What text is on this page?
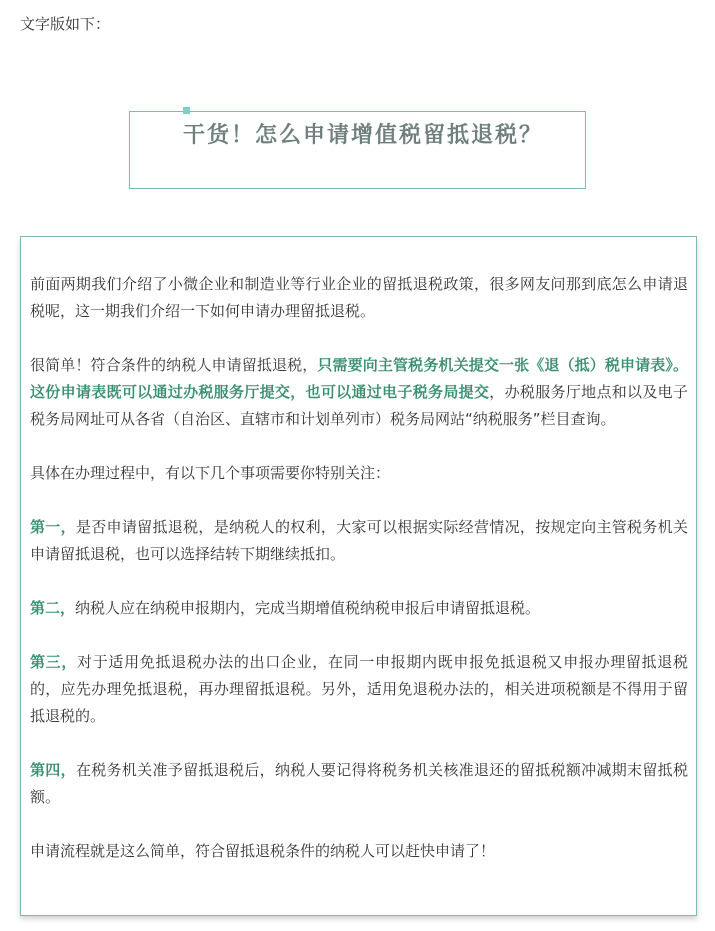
文字版如下：
干货！怎么申请增值税留抵退税？

前面两期我们介绍了小微企业和制造业等行业企业的留抵退税政策，很多网友问那到底怎么申请退税呢，这一期我们介绍一下如何申请办理留抵退税。

很简单！符合条件的纳税人申请留抵退税，只需要向主管税务机关提交一张《退（抵）税申请表》。这份申请表既可以通过办税服务厅提交，也可以通过电子税务局提交，办税服务厅地点和以及电子税务局网址可从各省（自治区、直辖市和计划单列市）税务局网站“纳税服务”栏目查询。

具体在办理过程中，有以下几个事项需要你特别关注：

第一，是否申请留抵退税，是纳税人的权利，大家可以根据实际经营情况，按规定向主管税务机关申请留抵退税，也可以选择结转下期继续抵扣。

第二，纳税人应在纳税申报期内，完成当期增值税纳税申报后申请留抵退税。

第三，对于适用免抵退税办法的出口企业，在同一申报期内既申报免抵退税又申报办理留抵退税的，应先办理免抵退税，再办理留抵退税。另外，适用免退税办法的，相关进项税额是不得用于留抵退税的。

第四，在税务机关准予留抵退税后，纳税人要记得将税务机关核准退还的留抵税额冲减期末留抵税额。

申请流程就是这么简单，符合留抵退税条件的纳税人可以赶快申请了！
